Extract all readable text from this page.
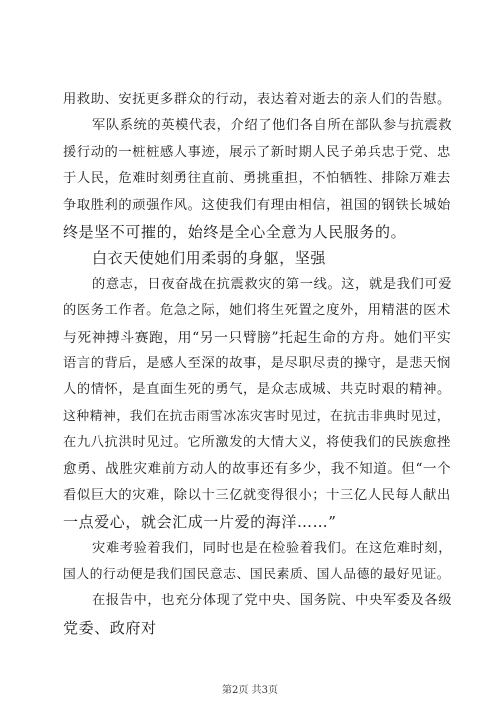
用救助、安抚更多群众的行动，表达着对逝去的亲人们的告慰。
军队系统的英模代表，介绍了他们各自所在部队参与抗震救
援行动的一桩桩感人事迹，展示了新时期人民子弟兵忠于党、忠
于人民，危难时刻勇往直前、勇挑重担，不怕牺牲、排除万难去
争取胜利的顽强作风。这使我们有理由相信，祖国的钢铁长城始
终是坚不可摧的，始终是全心全意为人民服务的。
白衣天使她们用柔弱的身躯，坚强
的意志，日夜奋战在抗震救灾的第一线。这，就是我们可爱
的医务工作者。危急之际，她们将生死置之度外，用精湛的医术
与死神搏斗赛跑，用“另一只臂膀”托起生命的方舟。她们平实
语言的背后，是感人至深的故事，是尽职尽责的操守，是悲天悯
人的情怀，是直面生死的勇气，是众志成城、共克时艰的精神。
这种精神，我们在抗击雨雪冰冻灾害时见过，在抗击非典时见过，
在九八抗洪时见过。它所激发的大情大义，将使我们的民族愈挫
愈勇、战胜灾难前方动人的故事还有多少，我不知道。但“一个
看似巨大的灾难，除以十三亿就变得很小；十三亿人民每人献出
一点爱心，就会汇成一片爱的海洋……”
灾难考验着我们，同时也是在检验着我们。在这危难时刻，
国人的行动便是我们国民意志、国民素质、国人品德的最好见证。
在报告中，也充分体现了党中央、国务院、中央军委及各级
党委、政府对
第2页 共3页
